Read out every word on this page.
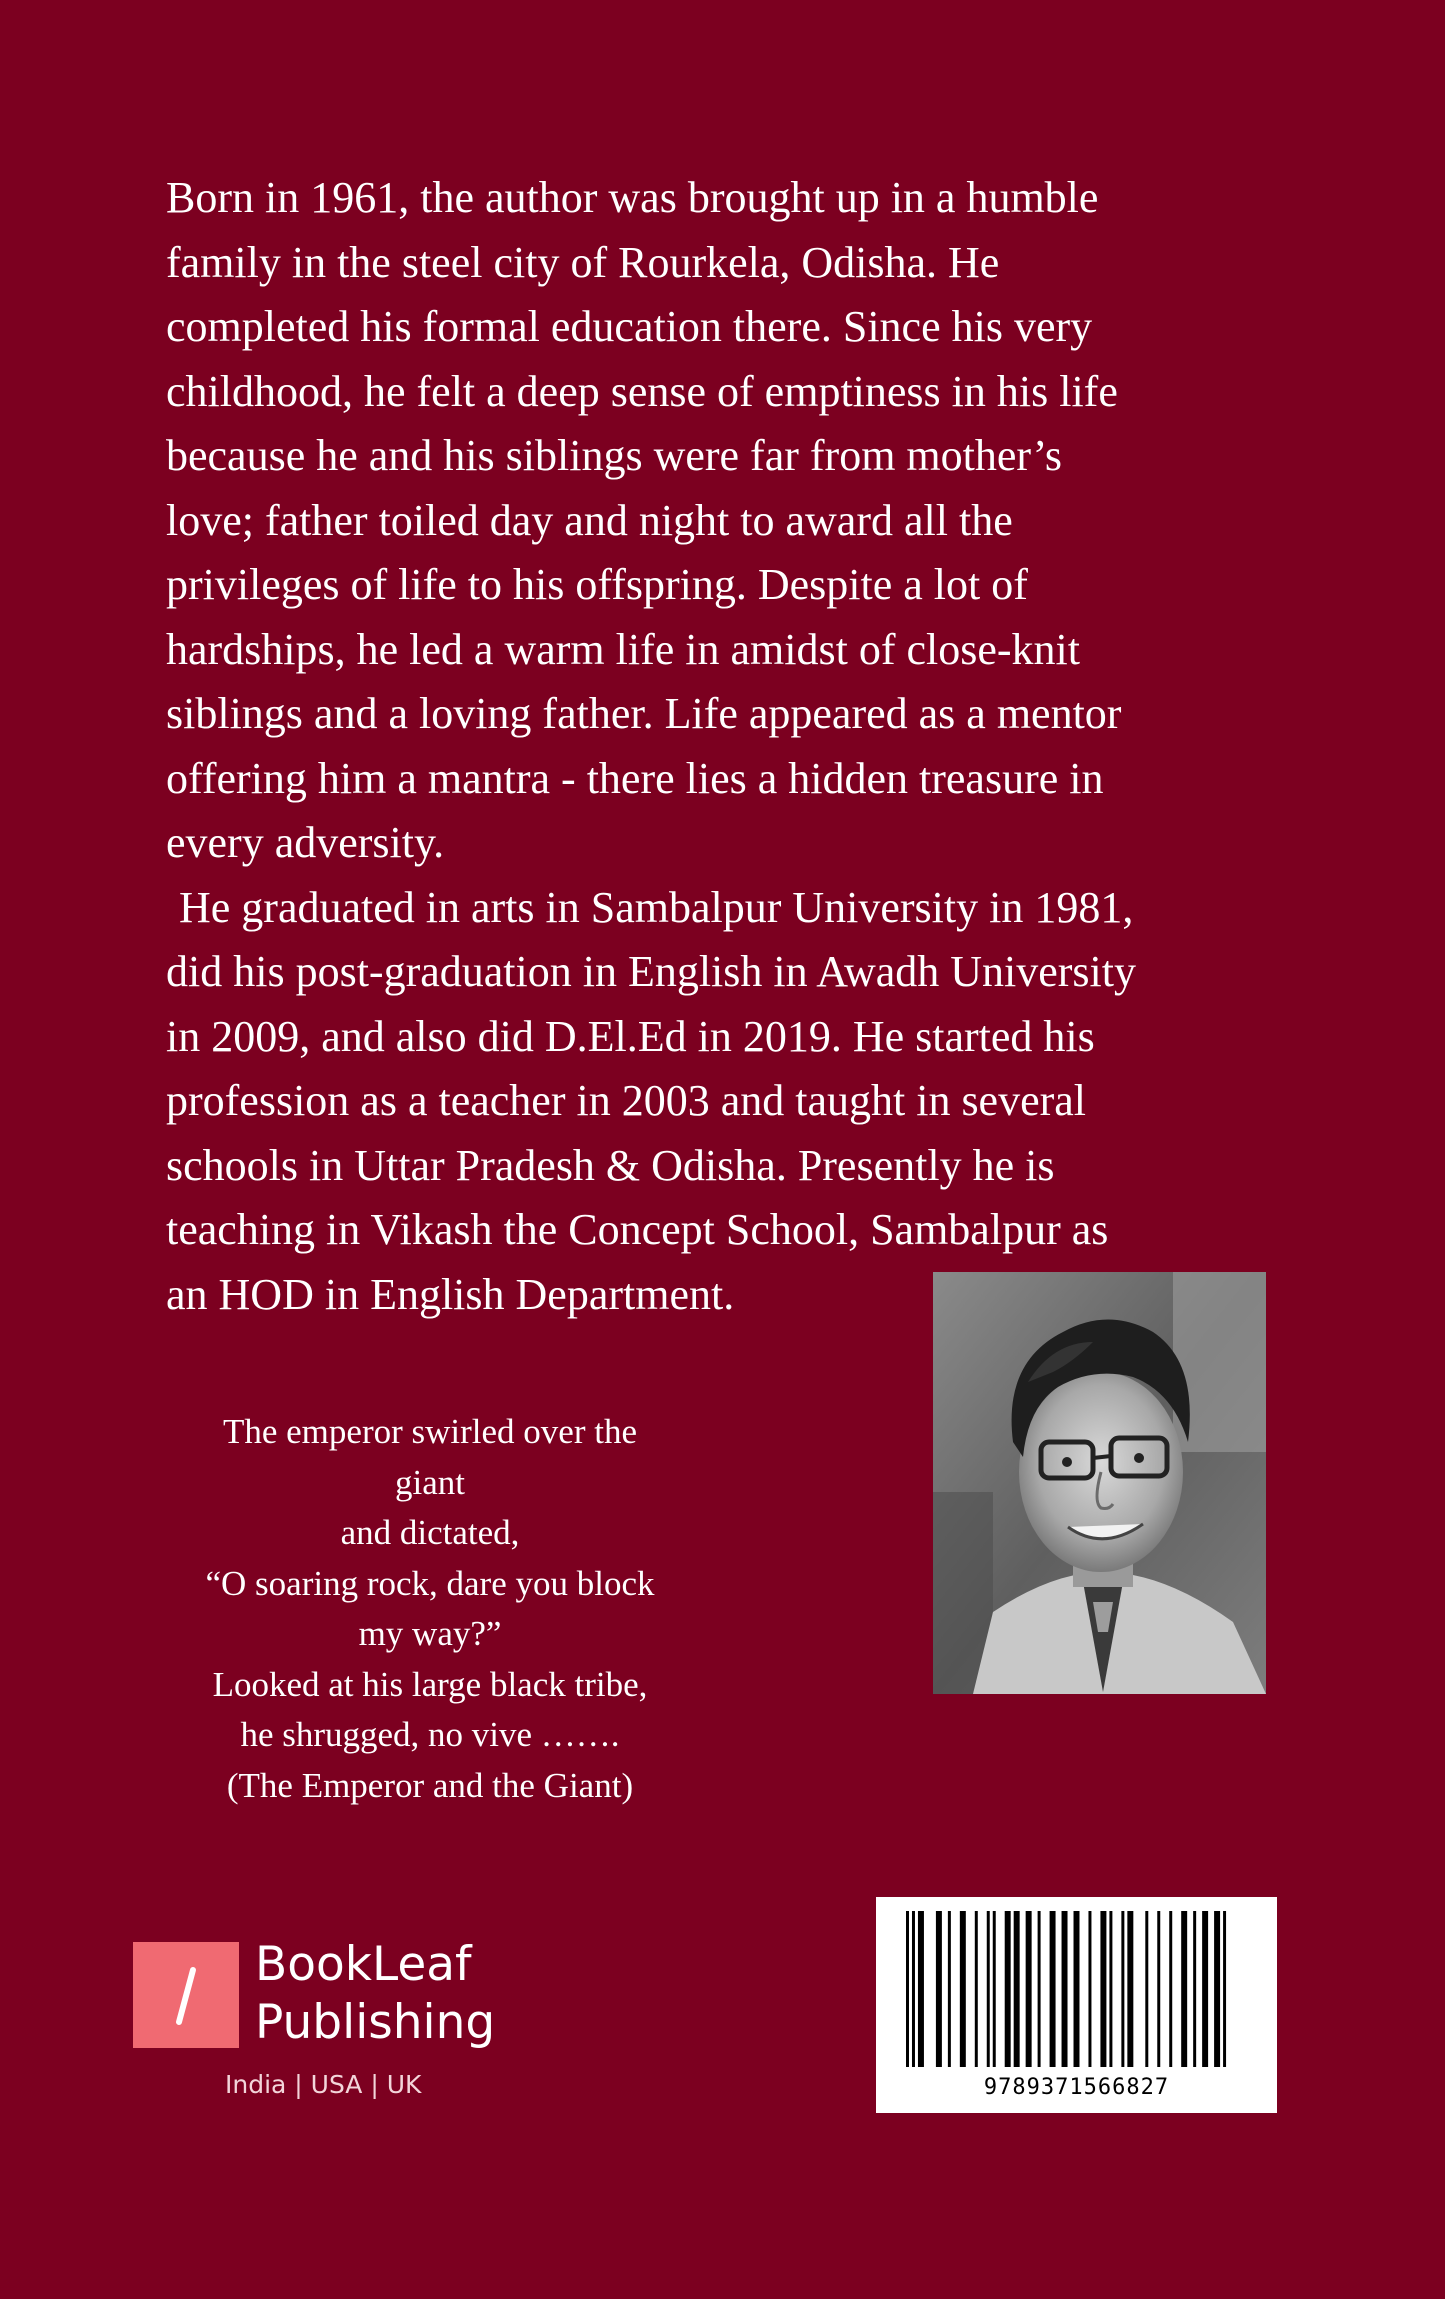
Born in 1961, the author was brought up in a humble

family in the steel city of Rourkela, Odisha. He

completed his formal education there. Since his very

childhood, he felt a deep sense of emptiness in his life

because he and his siblings were far from mother’s

love; father toiled day and night to award all the

privileges of life to his offspring. Despite a lot of

hardships, he led a warm life in amidst of close-knit

siblings and a loving father. Life appeared as a mentor

offering him a mantra - there lies a hidden treasure in

every adversity.

He graduated in arts in Sambalpur University in 1981,

did his post-graduation in English in Awadh University

in 2009, and also did D.El.Ed in 2019. He started his

profession as a teacher in 2003 and taught in several

schools in Uttar Pradesh & Odisha. Presently he is

teaching in Vikash the Concept School, Sambalpur as

an HOD in English Department.

The emperor swirled over the
giant
and dictated,
“O soaring rock, dare you block
my way?”
Looked at his large black tribe,
he shrugged, no vive …….
(The Emperor and the Giant)
BookLeaf
Publishing
India | USA | UK	9789371566827
